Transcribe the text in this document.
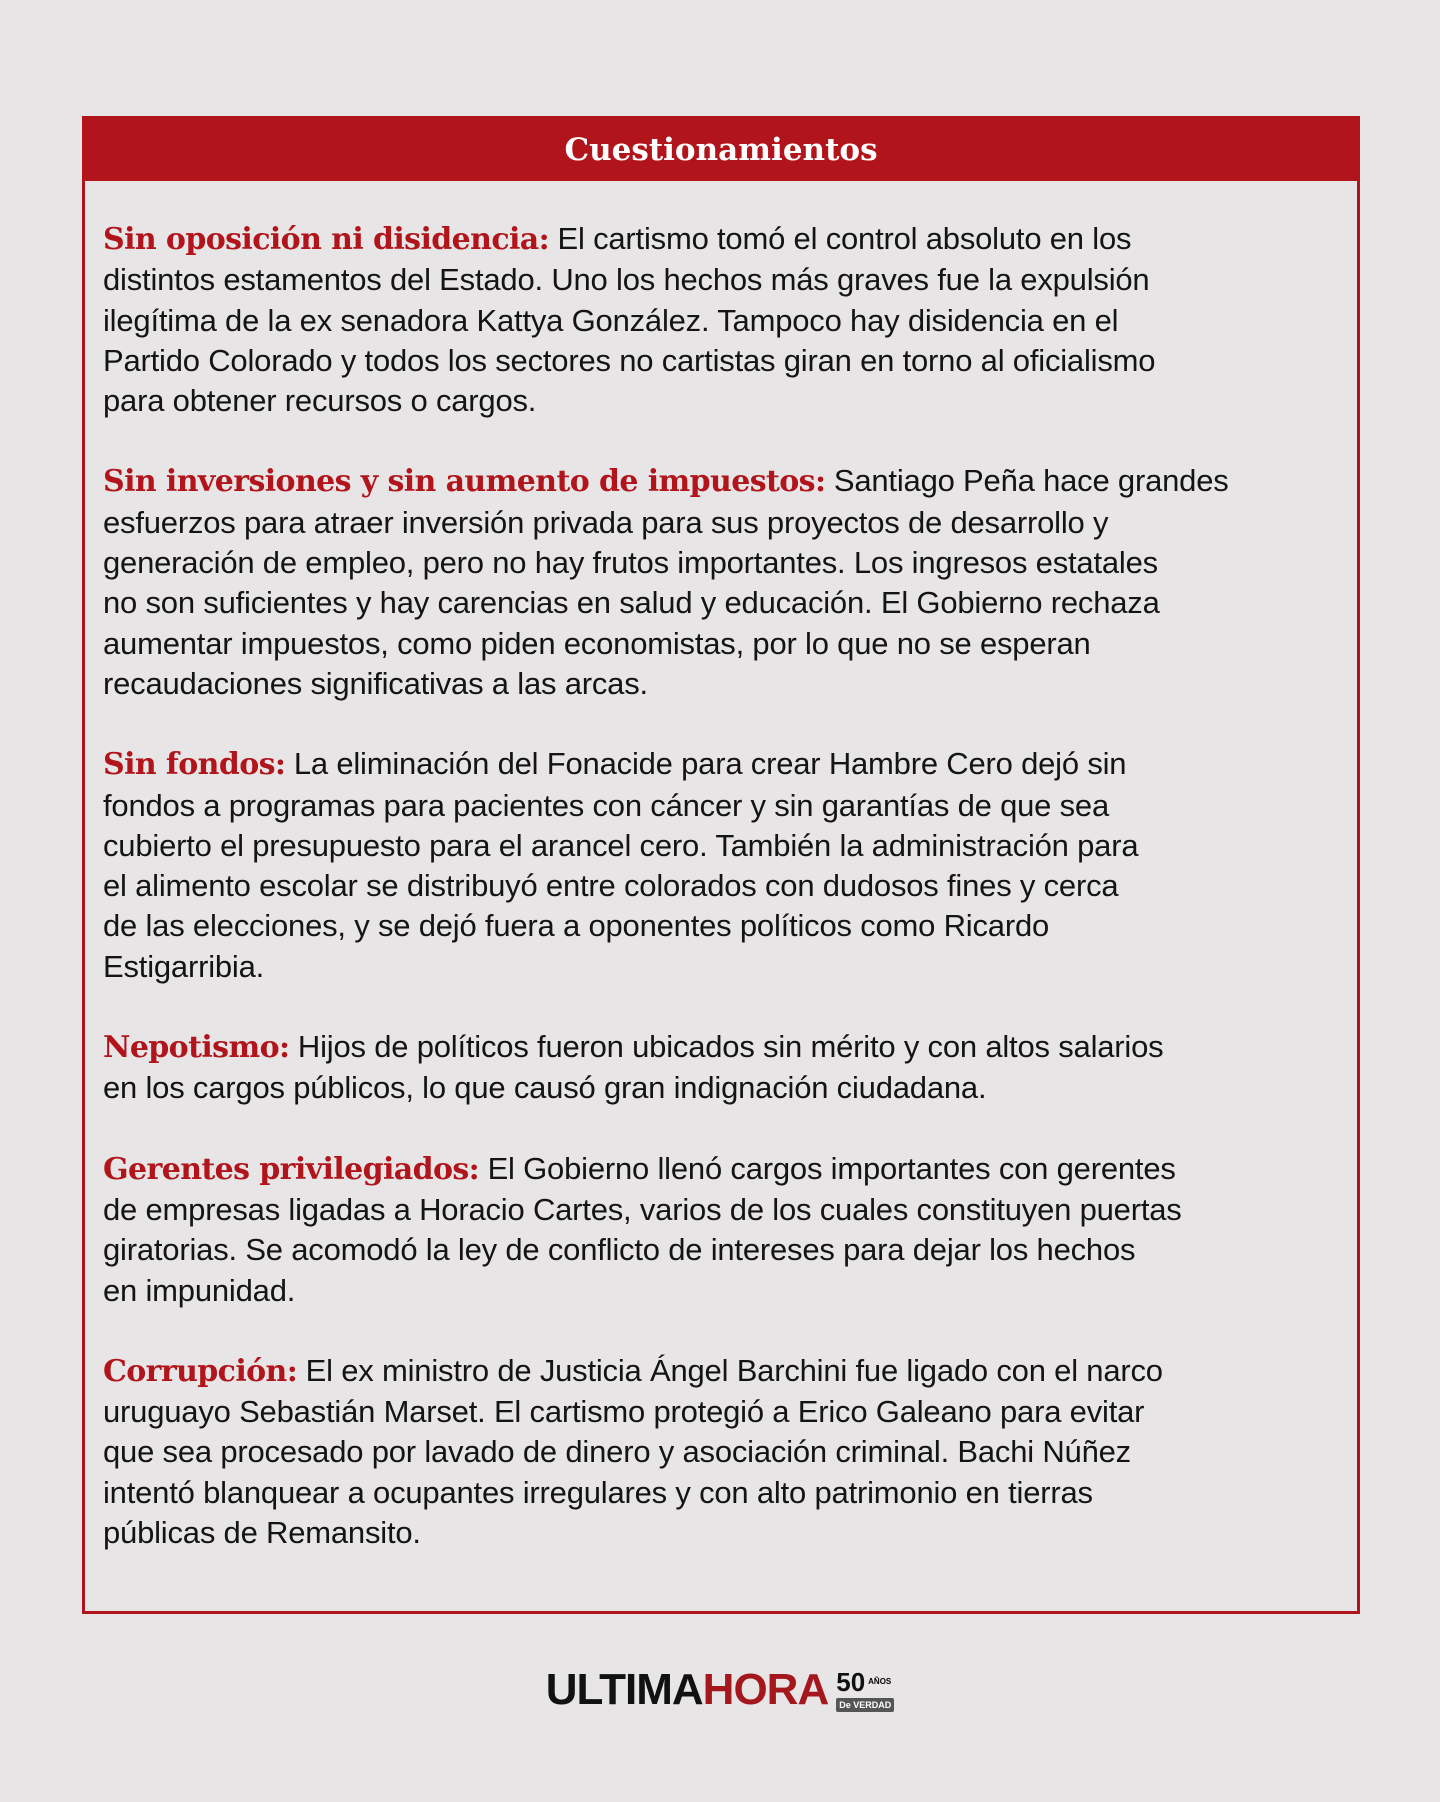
Cuestionamientos
Sin oposición ni disidencia: El cartismo tomó el control absoluto en los
distintos estamentos del Estado. Uno los hechos más graves fue la expulsión
ilegítima de la ex senadora Kattya González. Tampoco hay disidencia en el
Partido Colorado y todos los sectores no cartistas giran en torno al oficialismo
para obtener recursos o cargos.
Sin inversiones y sin aumento de impuestos: Santiago Peña hace grandes
esfuerzos para atraer inversión privada para sus proyectos de desarrollo y
generación de empleo, pero no hay frutos importantes. Los ingresos estatales
no son suficientes y hay carencias en salud y educación. El Gobierno rechaza
aumentar impuestos, como piden economistas, por lo que no se esperan
recaudaciones significativas a las arcas.
Sin fondos: La eliminación del Fonacide para crear Hambre Cero dejó sin
fondos a programas para pacientes con cáncer y sin garantías de que sea
cubierto el presupuesto para el arancel cero. También la administración para
el alimento escolar se distribuyó entre colorados con dudosos fines y cerca
de las elecciones, y se dejó fuera a oponentes políticos como Ricardo
Estigarribia.
Nepotismo: Hijos de políticos fueron ubicados sin mérito y con altos salarios
en los cargos públicos, lo que causó gran indignación ciudadana.
Gerentes privilegiados: El Gobierno llenó cargos importantes con gerentes
de empresas ligadas a Horacio Cartes, varios de los cuales constituyen puertas
giratorias. Se acomodó la ley de conflicto de intereses para dejar los hechos
en impunidad.
Corrupción: El ex ministro de Justicia Ángel Barchini fue ligado con el narco
uruguayo Sebastián Marset. El cartismo protegió a Erico Galeano para evitar
que sea procesado por lavado de dinero y asociación criminal. Bachi Núñez
intentó blanquear a ocupantes irregulares y con alto patrimonio en tierras
públicas de Remansito.
ULTIMA HORA 50 AÑOS
De VERDAD
